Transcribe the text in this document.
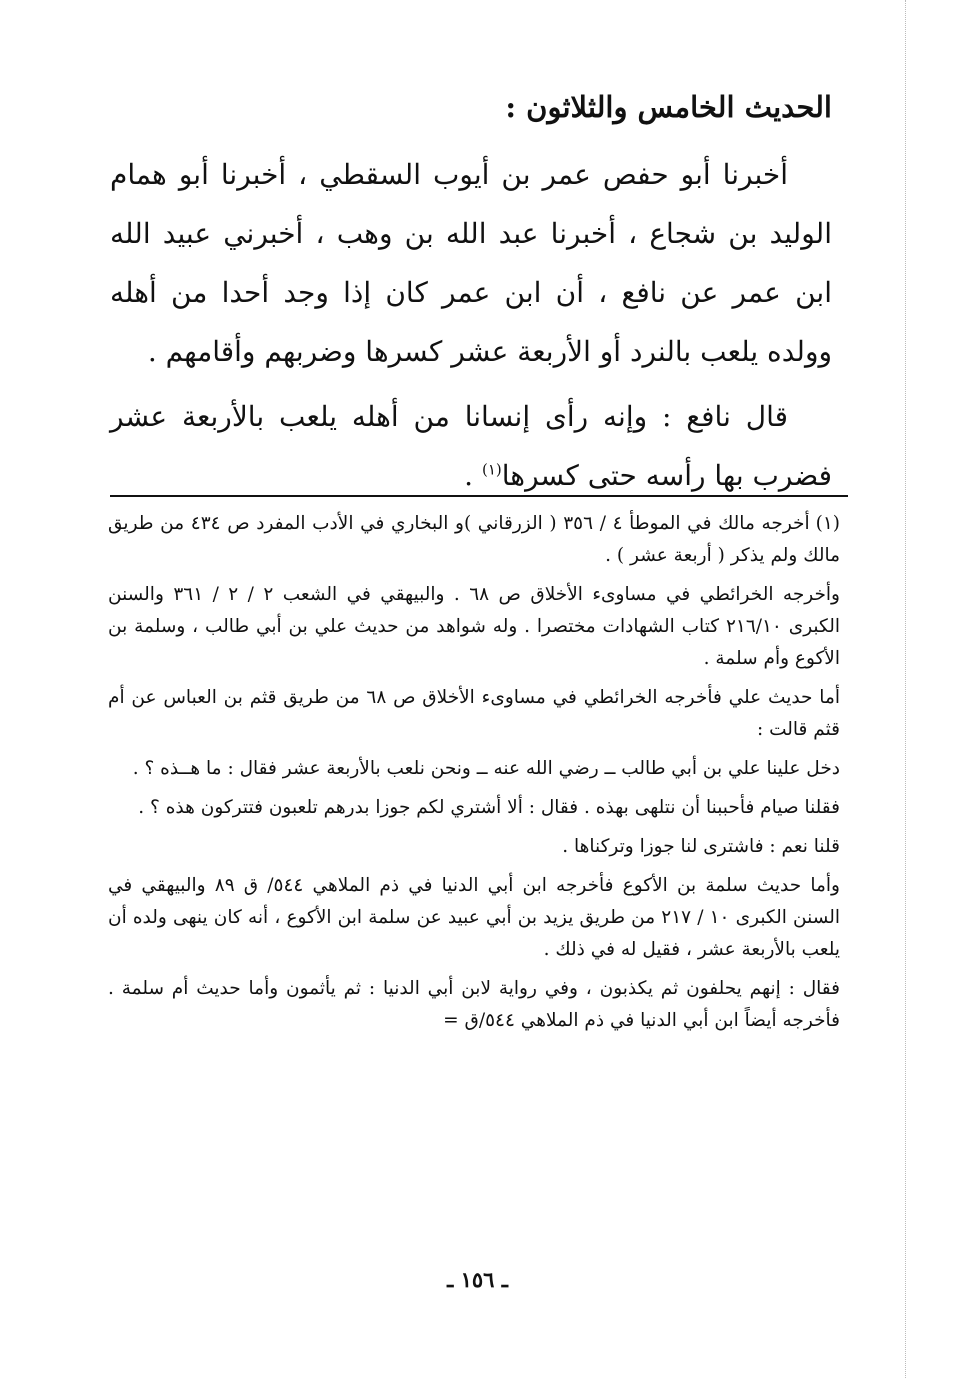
الحديث الخامس والثلاثون :

أخبرنا أبو حفص عمر بن أيوب السقطي ، أخبرنا أبو همام الوليد بن شجاع ، أخبرنا عبد الله بن وهب ، أخبرني عبيد الله ابن عمر عن نافع ، أن ابن عمر كان إذا وجد أحدا من أهله وولده يلعب بالنرد أو الأربعة عشر كسرها وضربهم وأقامهم .

قال نافع : وإنه رأى إنسانا من أهله يلعب بالأربعة عشر فضرب بها رأسه حتى كسرها$^{(١)}$ .

(١)أخرجه مالك في الموطأ ٤ / ٣٥٦ ( الزرقاني )و البخاري في الأدب المفرد ص ٤٣٤ من طريق مالك ولم يذكر ( أربعة عشر ) .

وأخرجه الخرائطي في مساوىء الأخلاق ص ٦٨ . والبيهقي في الشعب ٢ / ٢ / ٣٦١ والسنن الكبرى ٢١٦/١٠ كتاب الشهادات مختصرا . وله شواهد من حديث علي بن أبي طالب ، وسلمة بن الأكوع وأم سلمة .

أما حديث علي فأخرجه الخرائطي في مساوىء الأخلاق ص ٦٨ من طريق قثم بن العباس عن أم قثم قالت :

دخل علينا علي بن أبي طالب ــ رضي الله عنه ــ ونحن نلعب بالأربعة عشر فقال : ما هــذه ؟ .

فقلنا صيام فأحببنا أن نتلهى بهذه . فقال : ألا أشتري لكم جوزا بدرهم تلعبون فتتركون هذه ؟ .

قلنا نعم : فاشترى لنا جوزا وتركناها .

وأما حديث سلمة بن الأكوع فأخرجه ابن أبي الدنيا في ذم الملاهي ٥٤٤/ ق ٨٩ والبيهقي في السنن الكبرى ١٠ / ٢١٧ من طريق يزيد بن أبي عبيد عن سلمة ابن الأكوع ، أنه كان ينهى ولده أن يلعب بالأربعة عشر ، فقيل له في ذلك .

فقال : إنهم يحلفون ثم يكذبون ، وفي رواية لابن أبي الدنيا : ثم يأثمون وأما حديث أم سلمة . فأخرجه أيضاً ابن أبي الدنيا في ذم الملاهي ٥٤٤/ق =

ـ ١٥٦ ـ
